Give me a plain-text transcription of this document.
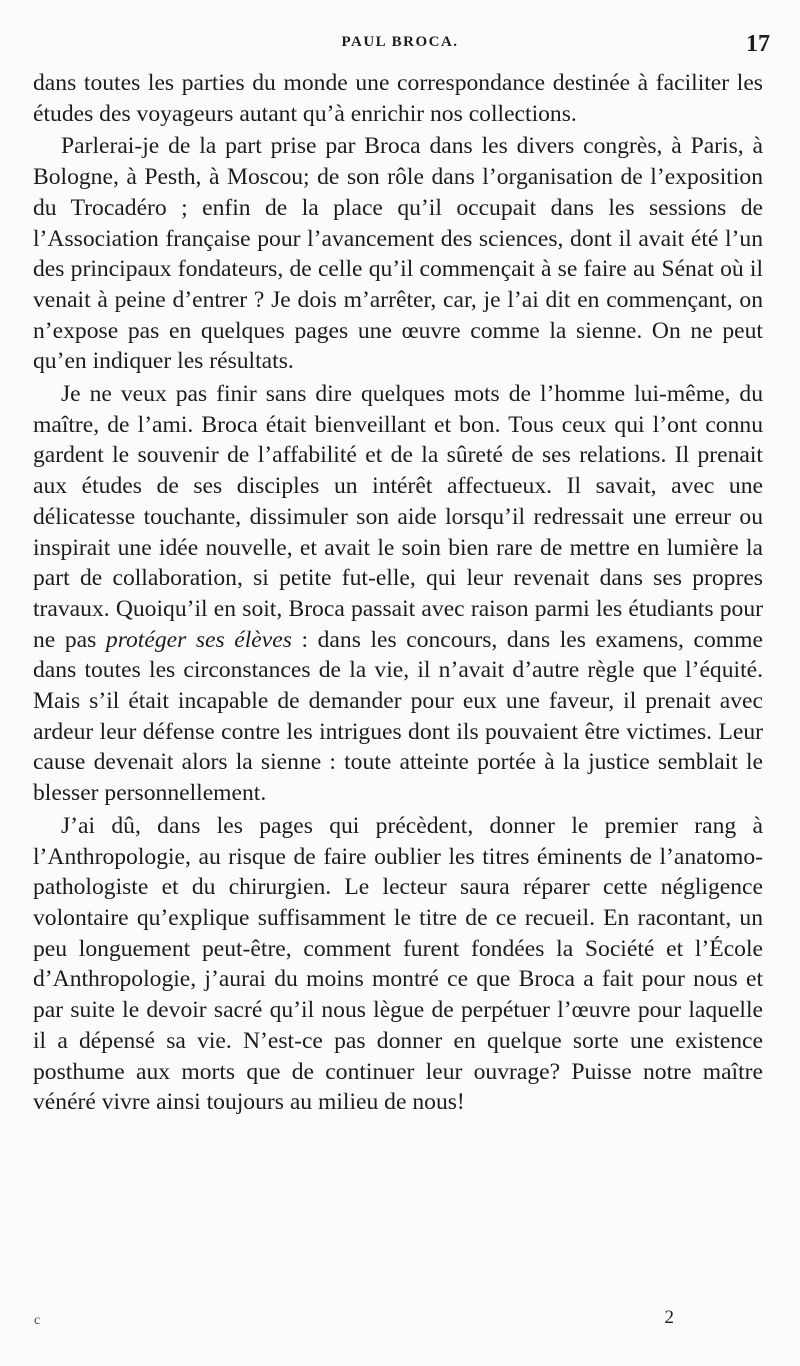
PAUL BROCA.	17

dans toutes les parties du monde une correspondance destinée à faciliter les études des voyageurs autant qu’à enrichir nos collections.

Parlerai-je de la part prise par Broca dans les divers congrès, à Paris, à Bologne, à Pesth, à Moscou; de son rôle dans l’organisation de l’exposition du Trocadéro ; enfin de la place qu’il occupait dans les sessions de l’Association française pour l’avancement des sciences, dont il avait été l’un des principaux fondateurs, de celle qu’il commençait à se faire au Sénat où il venait à peine d’entrer ? Je dois m’arrêter, car, je l’ai dit en commençant, on n’expose pas en quelques pages une œuvre comme la sienne. On ne peut qu’en indiquer les résultats.

Je ne veux pas finir sans dire quelques mots de l’homme lui-même, du maître, de l’ami. Broca était bienveillant et bon. Tous ceux qui l’ont connu gardent le souvenir de l’affabilité et de la sûreté de ses relations. Il prenait aux études de ses disciples un intérêt affectueux. Il savait, avec une délicatesse touchante, dissimuler son aide lorsqu’il redressait une erreur ou inspirait une idée nouvelle, et avait le soin bien rare de mettre en lumière la part de collaboration, si petite fut-elle, qui leur revenait dans ses propres travaux. Quoiqu’il en soit, Broca passait avec raison parmi les étudiants pour ne pas protéger ses élèves : dans les concours, dans les examens, comme dans toutes les circonstances de la vie, il n’avait d’autre règle que l’équité. Mais s’il était incapable de demander pour eux une faveur, il prenait avec ardeur leur défense contre les intrigues dont ils pouvaient être victimes. Leur cause devenait alors la sienne : toute atteinte portée à la justice semblait le blesser personnellement.

J’ai dû, dans les pages qui précèdent, donner le premier rang à l’Anthropologie, au risque de faire oublier les titres éminents de l’anatomo-pathologiste et du chirurgien. Le lecteur saura réparer cette négligence volontaire qu’explique suffisamment le titre de ce recueil. En racontant, un peu longuement peut-être, comment furent fondées la Société et l’École d’Anthropologie, j’aurai du moins montré ce que Broca a fait pour nous et par suite le devoir sacré qu’il nous lègue de perpétuer l’œuvre pour laquelle il a dépensé sa vie. N’est-ce pas donner en quelque sorte une existence posthume aux morts que de continuer leur ouvrage? Puisse notre maître vénéré vivre ainsi toujours au milieu de nous!

c	2
